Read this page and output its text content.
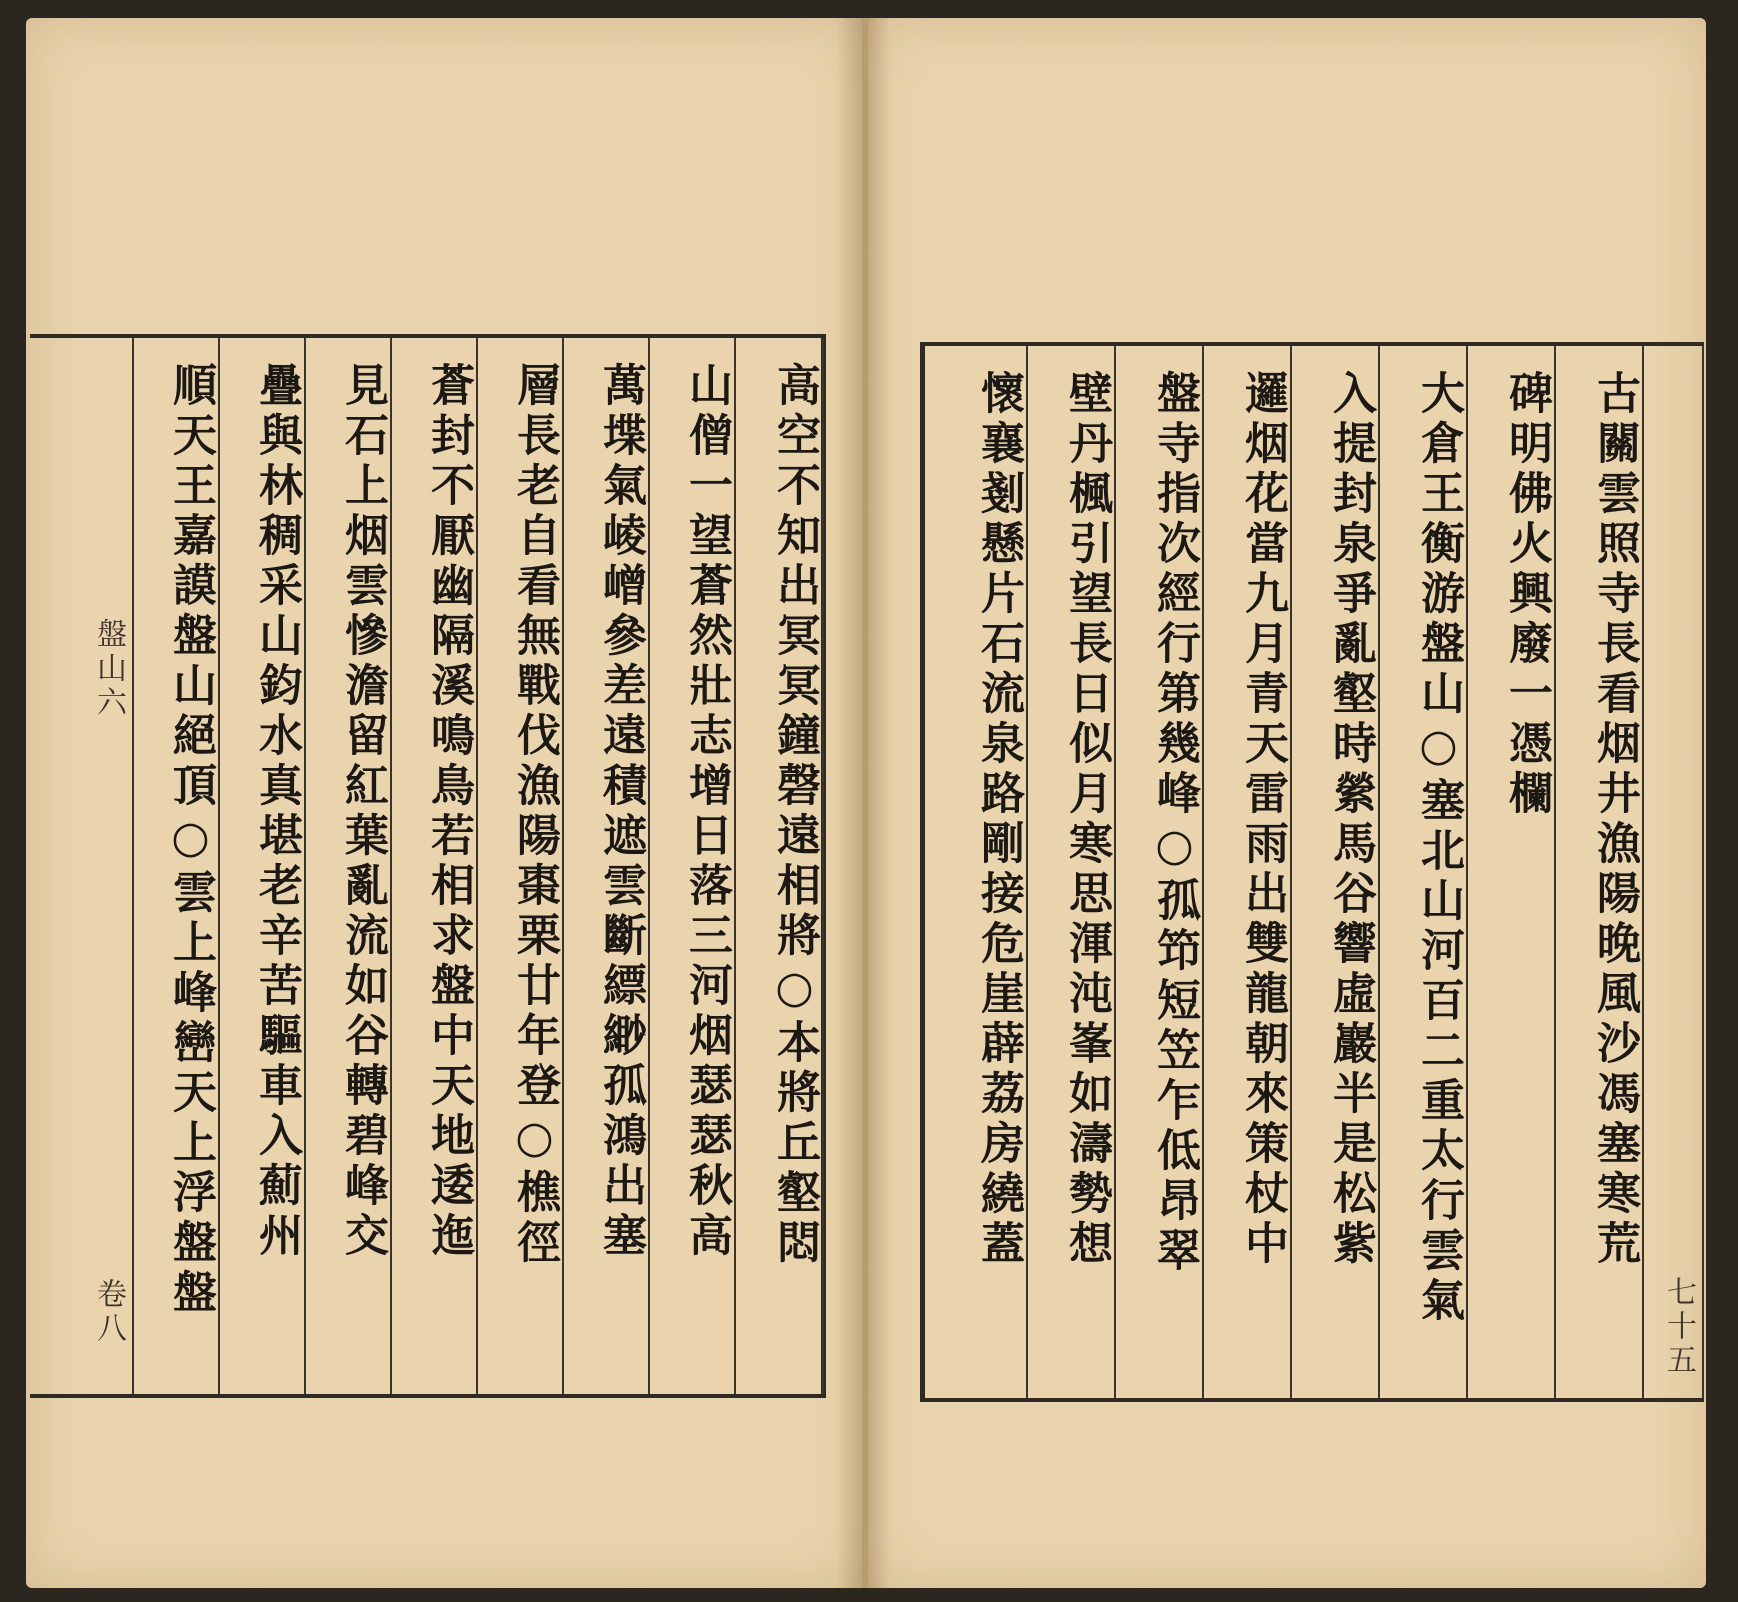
高空不知出冥冥鐘磬遠相將○本將丘壑悶
山僧一望蒼然壯志增日落三河烟瑟瑟秋高
萬堞氣崚嶒參差遠積遮雲斷縹緲孤鴻出塞
層長老自看無戰伐漁陽棗栗廿年登○樵徑
蒼封不厭幽隔溪鳴鳥若相求盤中天地逶迤
見石上烟雲慘澹留紅葉亂流如谷轉碧峰交
疊與林稠采山鈞水真堪老辛苦驅車入薊州
順天王嘉謨盤山絕頂○雲上峰巒天上浮盤盤
盤山六
卷八	七十五
古關雲照寺長看烟井漁陽晚風沙馮塞寒荒
碑明佛火興廢一憑欄
大倉王衡游盤山○塞北山河百二重太行雲氣
入提封泉爭亂壑時縈馬谷響虛巖半是松紫
邏烟花當九月青天雷雨出雙龍朝來策杖中
盤寺指次經行第幾峰○孤笻短笠乍低昂翠
壁丹楓引望長日似月寒思渾沌峯如濤勢想
懷襄剗懸片石流泉路剛接危崖薜荔房繞蓋
